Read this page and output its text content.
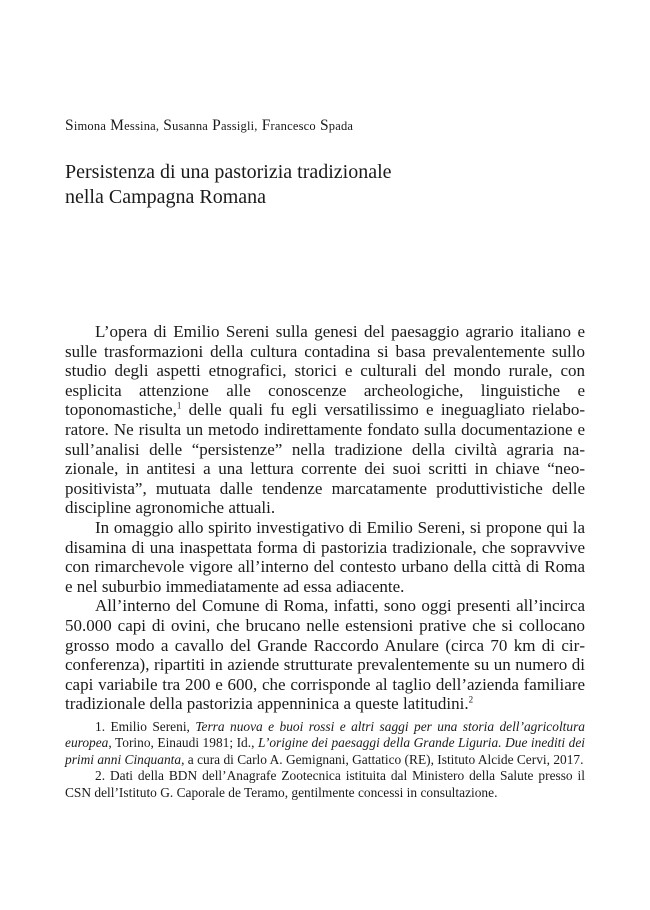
Simona Messina, Susanna Passigli, Francesco Spada
Persistenza di una pastorizia tradizionale
nella Campagna Romana

L’opera di Emilio Sereni sulla genesi del paesaggio agrario italiano e sulle trasformazioni della cultura contadina si basa prevalentemente sullo studio degli aspetti etnografici, storici e culturali del mondo rurale, con esplicita attenzione alle conoscenze archeologiche, linguistiche e toponomastiche,$^1$ delle quali fu egli versatilissimo e ineguagliato rielaboratore. Ne risulta un metodo indirettamente fondato sulla documentazione e sull’analisi delle “persistenze” nella tradizione della civiltà agraria nazionale, in antitesi a una lettura corrente dei suoi scritti in chiave “neopositivista”, mutuata dalle tendenze marcatamente produttivistiche delle discipline agronomiche attuali.

In omaggio allo spirito investigativo di Emilio Sereni, si propone qui la disamina di una inaspettata forma di pastorizia tradizionale, che sopravvive con rimarchevole vigore all’interno del contesto urbano della città di Roma e nel suburbio immediatamente ad essa adiacente.

All’interno del Comune di Roma, infatti, sono oggi presenti all’incirca 50.000 capi di ovini, che brucano nelle estensioni prative che si collocano grosso modo a cavallo del Grande Raccordo Anulare (circa 70 km di circonferenza), ripartiti in aziende strutturate prevalentemente su un numero di capi variabile tra 200 e 600, che corrisponde al taglio dell’azienda familiare tradizionale della pastorizia appenninica a queste latitudini.$^2$

1. Emilio Sereni, Terra nuova e buoi rossi e altri saggi per una storia dell’agricoltura europea, Torino, Einaudi 1981; Id., L’origine dei paesaggi della Grande Liguria. Due inediti dei primi anni Cinquanta, a cura di Carlo A. Gemignani, Gattatico (RE), Istituto Alcide Cervi, 2017.

2. Dati della BDN dell’Anagrafe Zootecnica istituita dal Ministero della Salute presso il CSN dell’Istituto G. Caporale de Teramo, gentilmente concessi in consultazione.
